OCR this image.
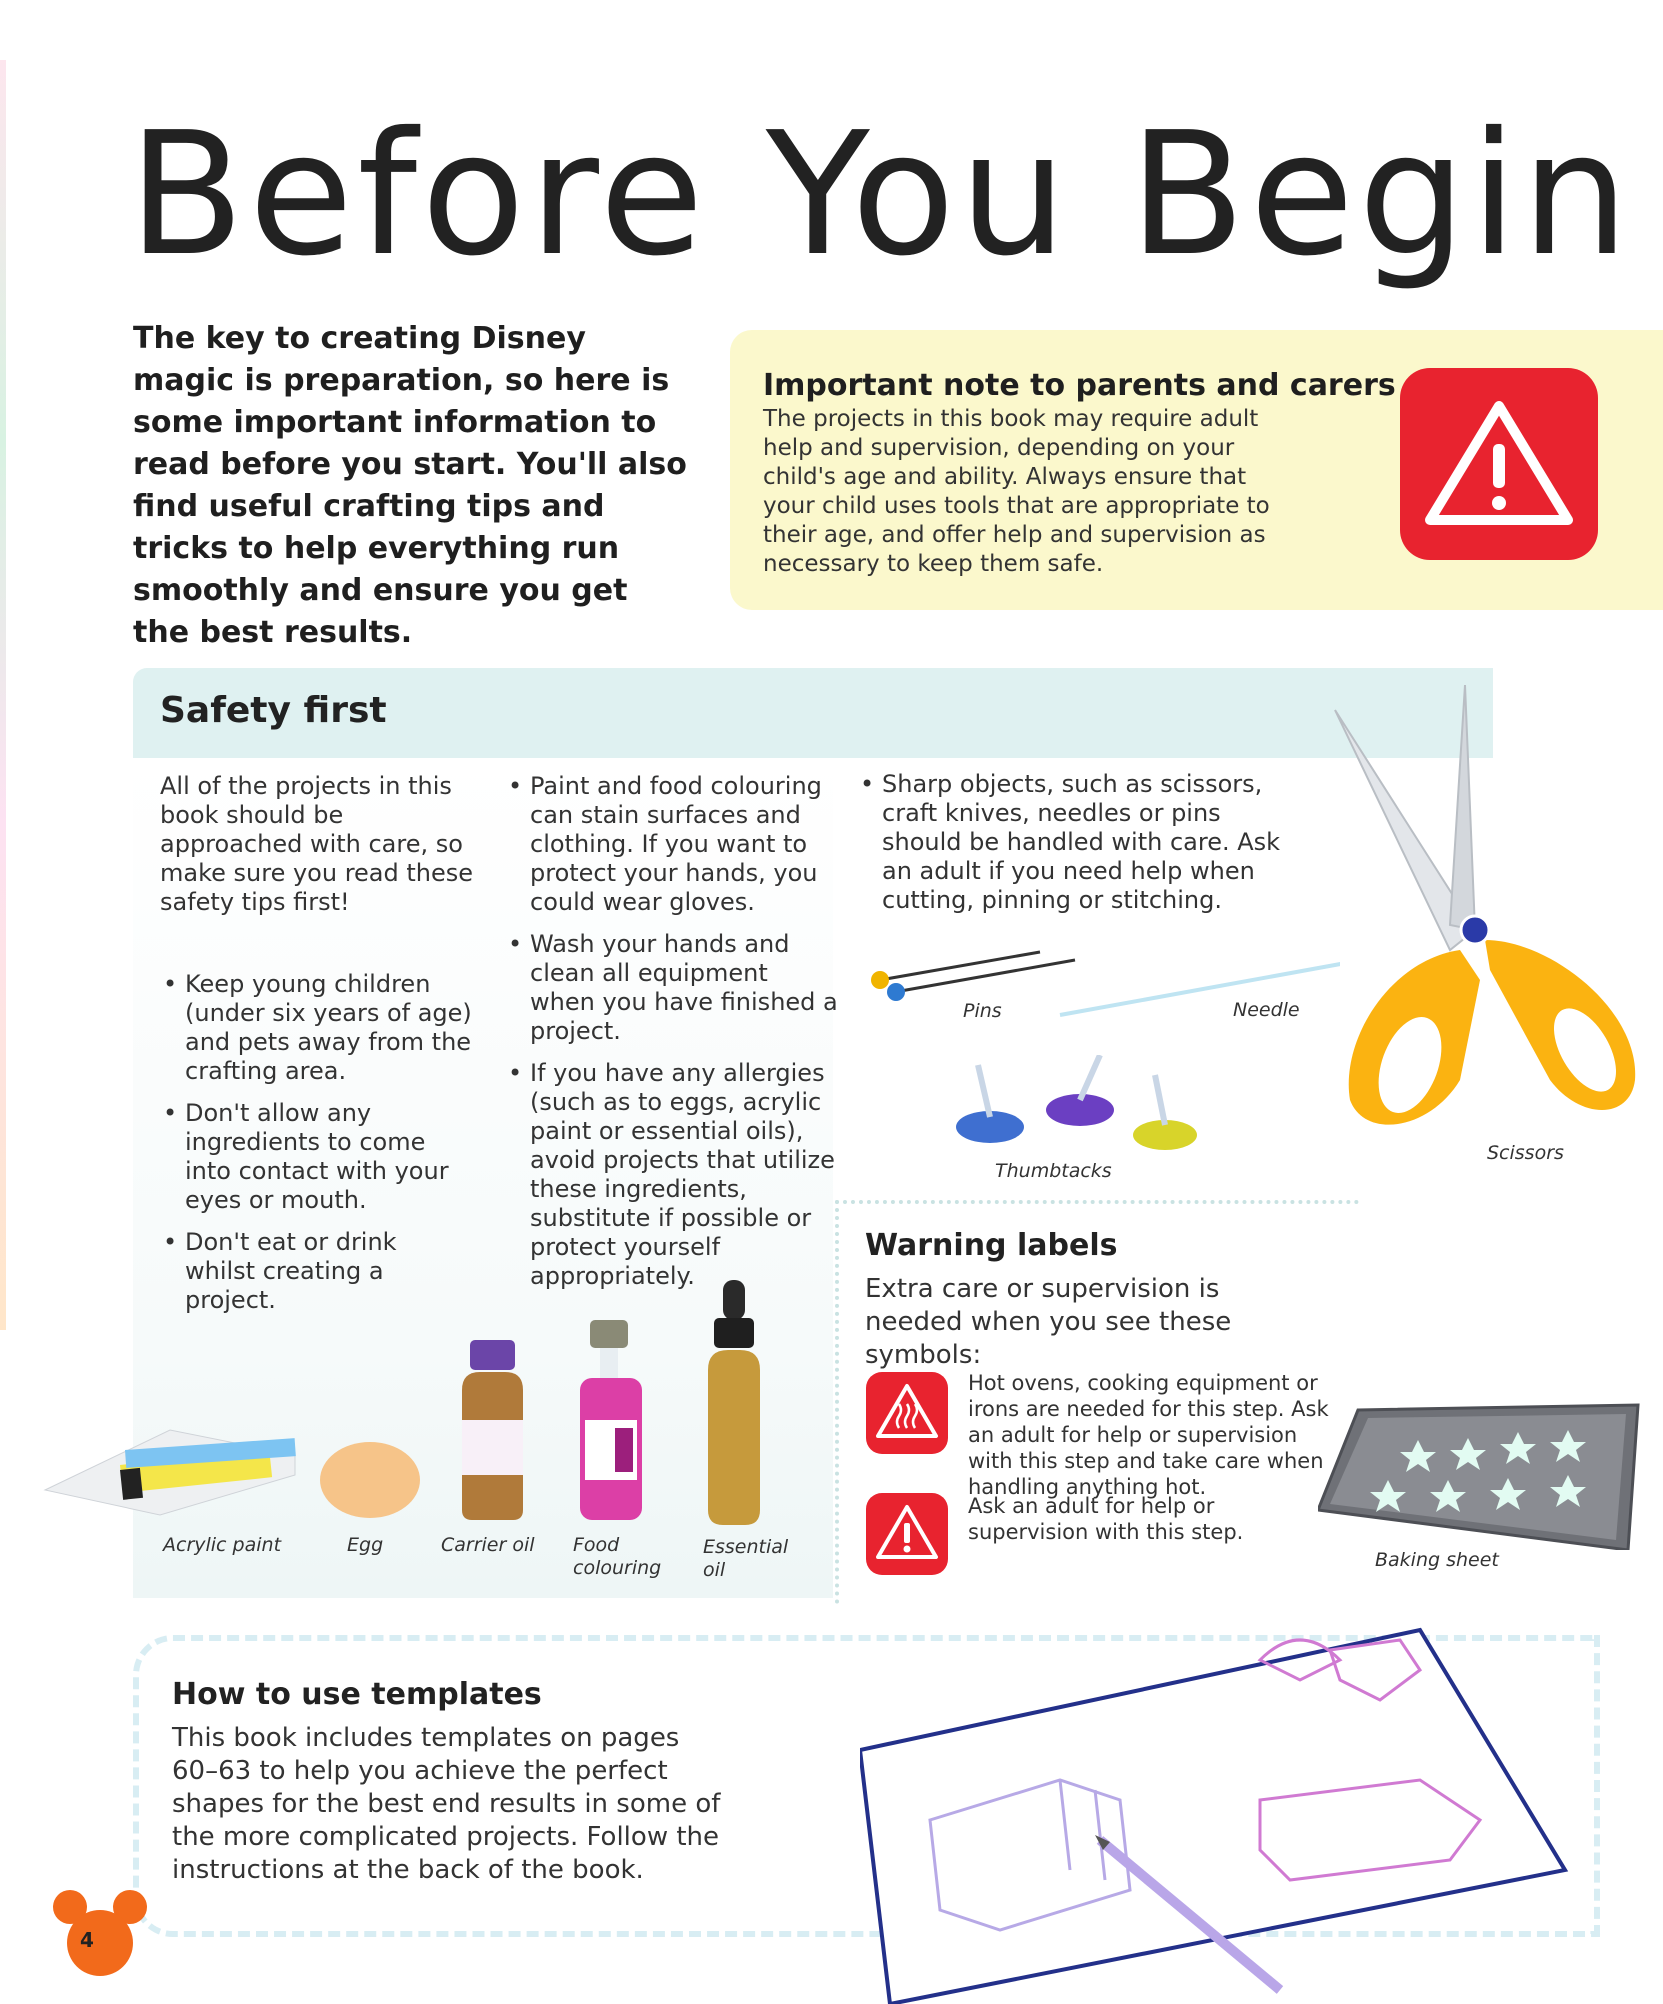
Before You Begin
The key to creating Disney magic is preparation, so here is some important information to read before you start. You'll also find useful crafting tips and tricks to help everything run smoothly and ensure you get the best results.
Important note to parents and carers
The projects in this book may require adult help and supervision, depending on your child's age and ability. Always ensure that your child uses tools that are appropriate to their age, and offer help and supervision as necessary to keep them safe.
Safety first
All of the projects in this book should be approached with care, so make sure you read these safety tips first!
• Keep young children (under six years of age) and pets away from the crafting area.
• Don't allow any ingredients to come into contact with your eyes or mouth.
• Don't eat or drink whilst creating a project.
• Paint and food colouring can stain surfaces and clothing. If you want to protect your hands, you could wear gloves.
• Wash your hands and clean all equipment when you have finished a project.
• If you have any allergies (such as to eggs, acrylic paint or essential oils), avoid projects that utilize these ingredients, substitute if possible or protect yourself appropriately.
• Sharp objects, such as scissors, craft knives, needles or pins should be handled with care. Ask an adult if you need help when cutting, pinning or stitching.
Pins	Needle
Thumbtacks
Scissors
Acrylic paint	Egg	Carrier oil Food
colouring
Essential
oil
Warning labels
Extra care or supervision is needed when you see these symbols:
Hot ovens, cooking equipment or irons are needed for this step. Ask an adult for help or supervision with this step and take care when handling anything hot.
Ask an adult for help or supervision with this step.
Baking sheet
How to use templates
This book includes templates on pages 60–63 to help you achieve the perfect shapes for the best end results in some of the more complicated projects. Follow the instructions at the back of the book.
4
